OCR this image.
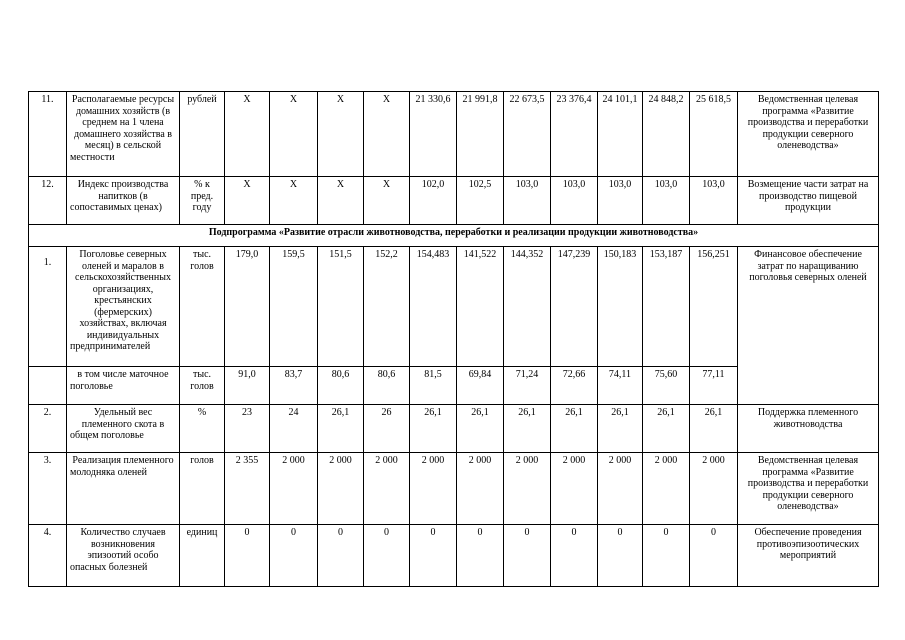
11.	Располагаемые ресурсы домашних хозяйств (в среднем на 1 члена домашнего хозяйства в месяц) в сельской местности	рублей	Х	Х	Х	Х	21 330,6	21 991,8	22 673,5	23 376,4	24 101,1	24 848,2	25 618,5	Ведомственная целевая программа «Развитие производства и переработки продукции северного оленеводства»
12.	Индекс производства напитков (в сопоставимых ценах)	% к пред. году	Х	Х	Х	Х	102,0	102,5	103,0	103,0	103,0	103,0	103,0	Возмещение части затрат на производство пищевой продукции
Подпрограмма «Развитие отрасли животноводства, переработки и реализации продукции животноводства»														
1.	Поголовье северных оленей и маралов в сельскохозяйственных организациях, крестьянских (фермерских) хозяйствах, включая индивидуальных предпринимателей	тыс. голов	179,0	159,5	151,5	152,2	154,483	141,522	144,352	147,239	150,183	153,187	156,251	Финансовое обеспечение затрат по наращиванию поголовья северных оленей
	в том числе маточное поголовье	тыс. голов	91,0	83,7	80,6	80,6	81,5	69,84	71,24	72,66	74,11	75,60	77,11	
2.	Удельный вес племенного скота в общем поголовье	%	23	24	26,1	26	26,1	26,1	26,1	26,1	26,1	26,1	26,1	Поддержка племенного животноводства
3.	Реализация племенного молодняка оленей	голов	2 355	2 000	2 000	2 000	2 000	2 000	2 000	2 000	2 000	2 000	2 000	Ведомственная целевая программа «Развитие производства и переработки продукции северного оленеводства»
4.	Количество случаев возникновения эпизоотий особо опасных болезней	единиц	0	0	0	0	0	0	0	0	0	0	0	Обеспечение проведения противоэпизоотических мероприятий
